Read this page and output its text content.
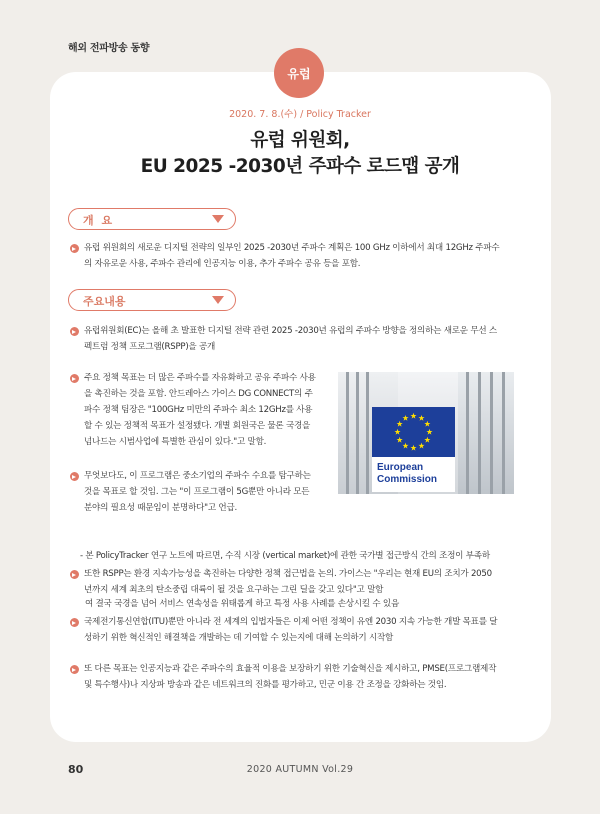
해외 전파방송 동향
유럽
2020. 7. 8.(수) / Policy Tracker
유럽 위원회,
EU 2025 -2030년 주파수 로드맵 공개
개 요
유럽 위원회의 새로운 디지털 전략의 일부인 2025 -2030년 주파수 계획은 100 GHz 이하에서 최대 12GHz 주파수
의 자유로운 사용, 주파수 관리에 인공지능 이용, 추가 주파수 공유 등을 포함.
주요내용
유럽위원회(EC)는 올해 초 발표한 디지털 전략 관련 2025 -2030년 유럽의 주파수 방향을 정의하는 새로운 무선 스
펙트럼 정책 프로그램(RSPP)을 공개
주요 정책 목표는 더 많은 주파수를 자유화하고 공유 주파수 사용
을 촉진하는 것을 포함. 안드레아스 가이스 DG CONNECT의 주
파수 정책 팀장은 "100GHz 미만의 주파수 최소 12GHz를 사용
할 수 있는 정책적 목표가 설정됐다. 개별 회원국은 물론 국경을
넘나드는 시범사업에 특별한 관심이 있다."고 말함.
무엇보다도, 이 프로그램은 중소기업의 주파수 수요를 탐구하는
것을 목표로 할 것임. 그는 "이 프로그램이 5G뿐만 아니라 모든
분야의 필요성 때문임이 분명하다"고 언급.

- 본 PolicyTracker 연구 노트에 따르면, 수직 시장 (vertical market)에 관한 국가별 접근방식 간의 조정이 부족하

여 결국 국경을 넘어 서비스 연속성을 위태롭게 하고 특정 사용 사례를 손상시킬 수 있음

또한 RSPP는 환경 지속가능성을 촉진하는 다양한 정책 접근법을 논의. 가이스는 "우리는 현재 EU의 조치가 2050
년까지 세계 최초의 탄소중립 대륙이 될 것을 요구하는 그린 딜을 갖고 있다"고 말함
국제전기통신연합(ITU)뿐만 아니라 전 세계의 입법자들은 이제 어떤 정책이 유엔 2030 지속 가능한 개발 목표를 달
성하기 위한 혁신적인 해결책을 개발하는 데 기여할 수 있는지에 대해 논의하기 시작함
또 다른 목표는 인공지능과 같은 주파수의 효율적 이용을 보장하기 위한 기술혁신을 제시하고, PMSE(프로그램제작
및 특수행사)나 지상파 방송과 같은 네트워크의 진화를 평가하고, 민군 이용 간 조정을 강화하는 것임.
European
Commission
80	2020 AUTUMN Vol.29
